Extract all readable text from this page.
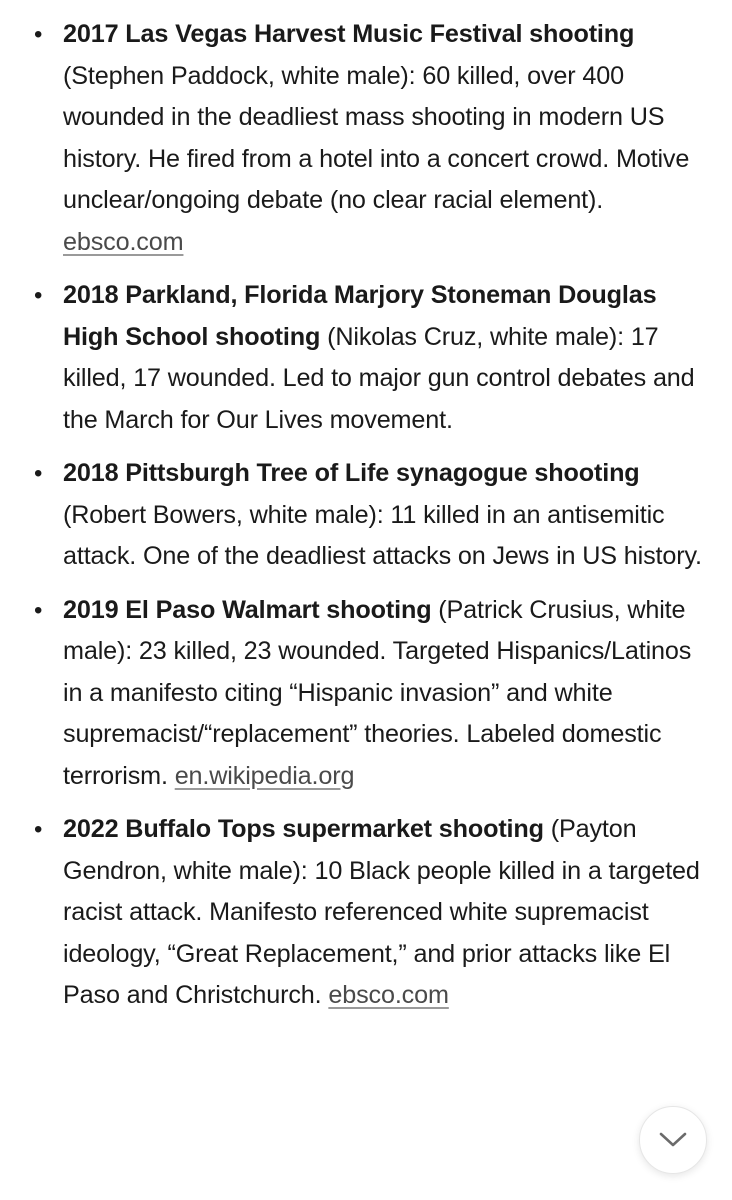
• 2017 Las Vegas Harvest Music Festival shooting (Stephen Paddock, white male): 60 killed, over 400 wounded in the deadliest mass shooting in modern US history. He fired from a hotel into a concert crowd. Motive unclear/ongoing debate (no clear racial element). ebsco.com
• 2018 Parkland, Florida Marjory Stoneman Douglas High School shooting (Nikolas Cruz, white male): 17 killed, 17 wounded. Led to major gun control debates and the March for Our Lives movement.
• 2018 Pittsburgh Tree of Life synagogue shooting (Robert Bowers, white male): 11 killed in an antisemitic attack. One of the deadliest attacks on Jews in US history.
• 2019 El Paso Walmart shooting (Patrick Crusius, white male): 23 killed, 23 wounded. Targeted Hispanics/Latinos in a manifesto citing “Hispanic invasion” and white supremacist/“replacement” theories. Labeled domestic terrorism. en.wikipedia.org
• 2022 Buffalo Tops supermarket shooting (Payton Gendron, white male): 10 Black people killed in a targeted racist attack. Manifesto referenced white supremacist ideology, “Great Replacement,” and prior attacks like El Paso and Christchurch. ebsco.com
